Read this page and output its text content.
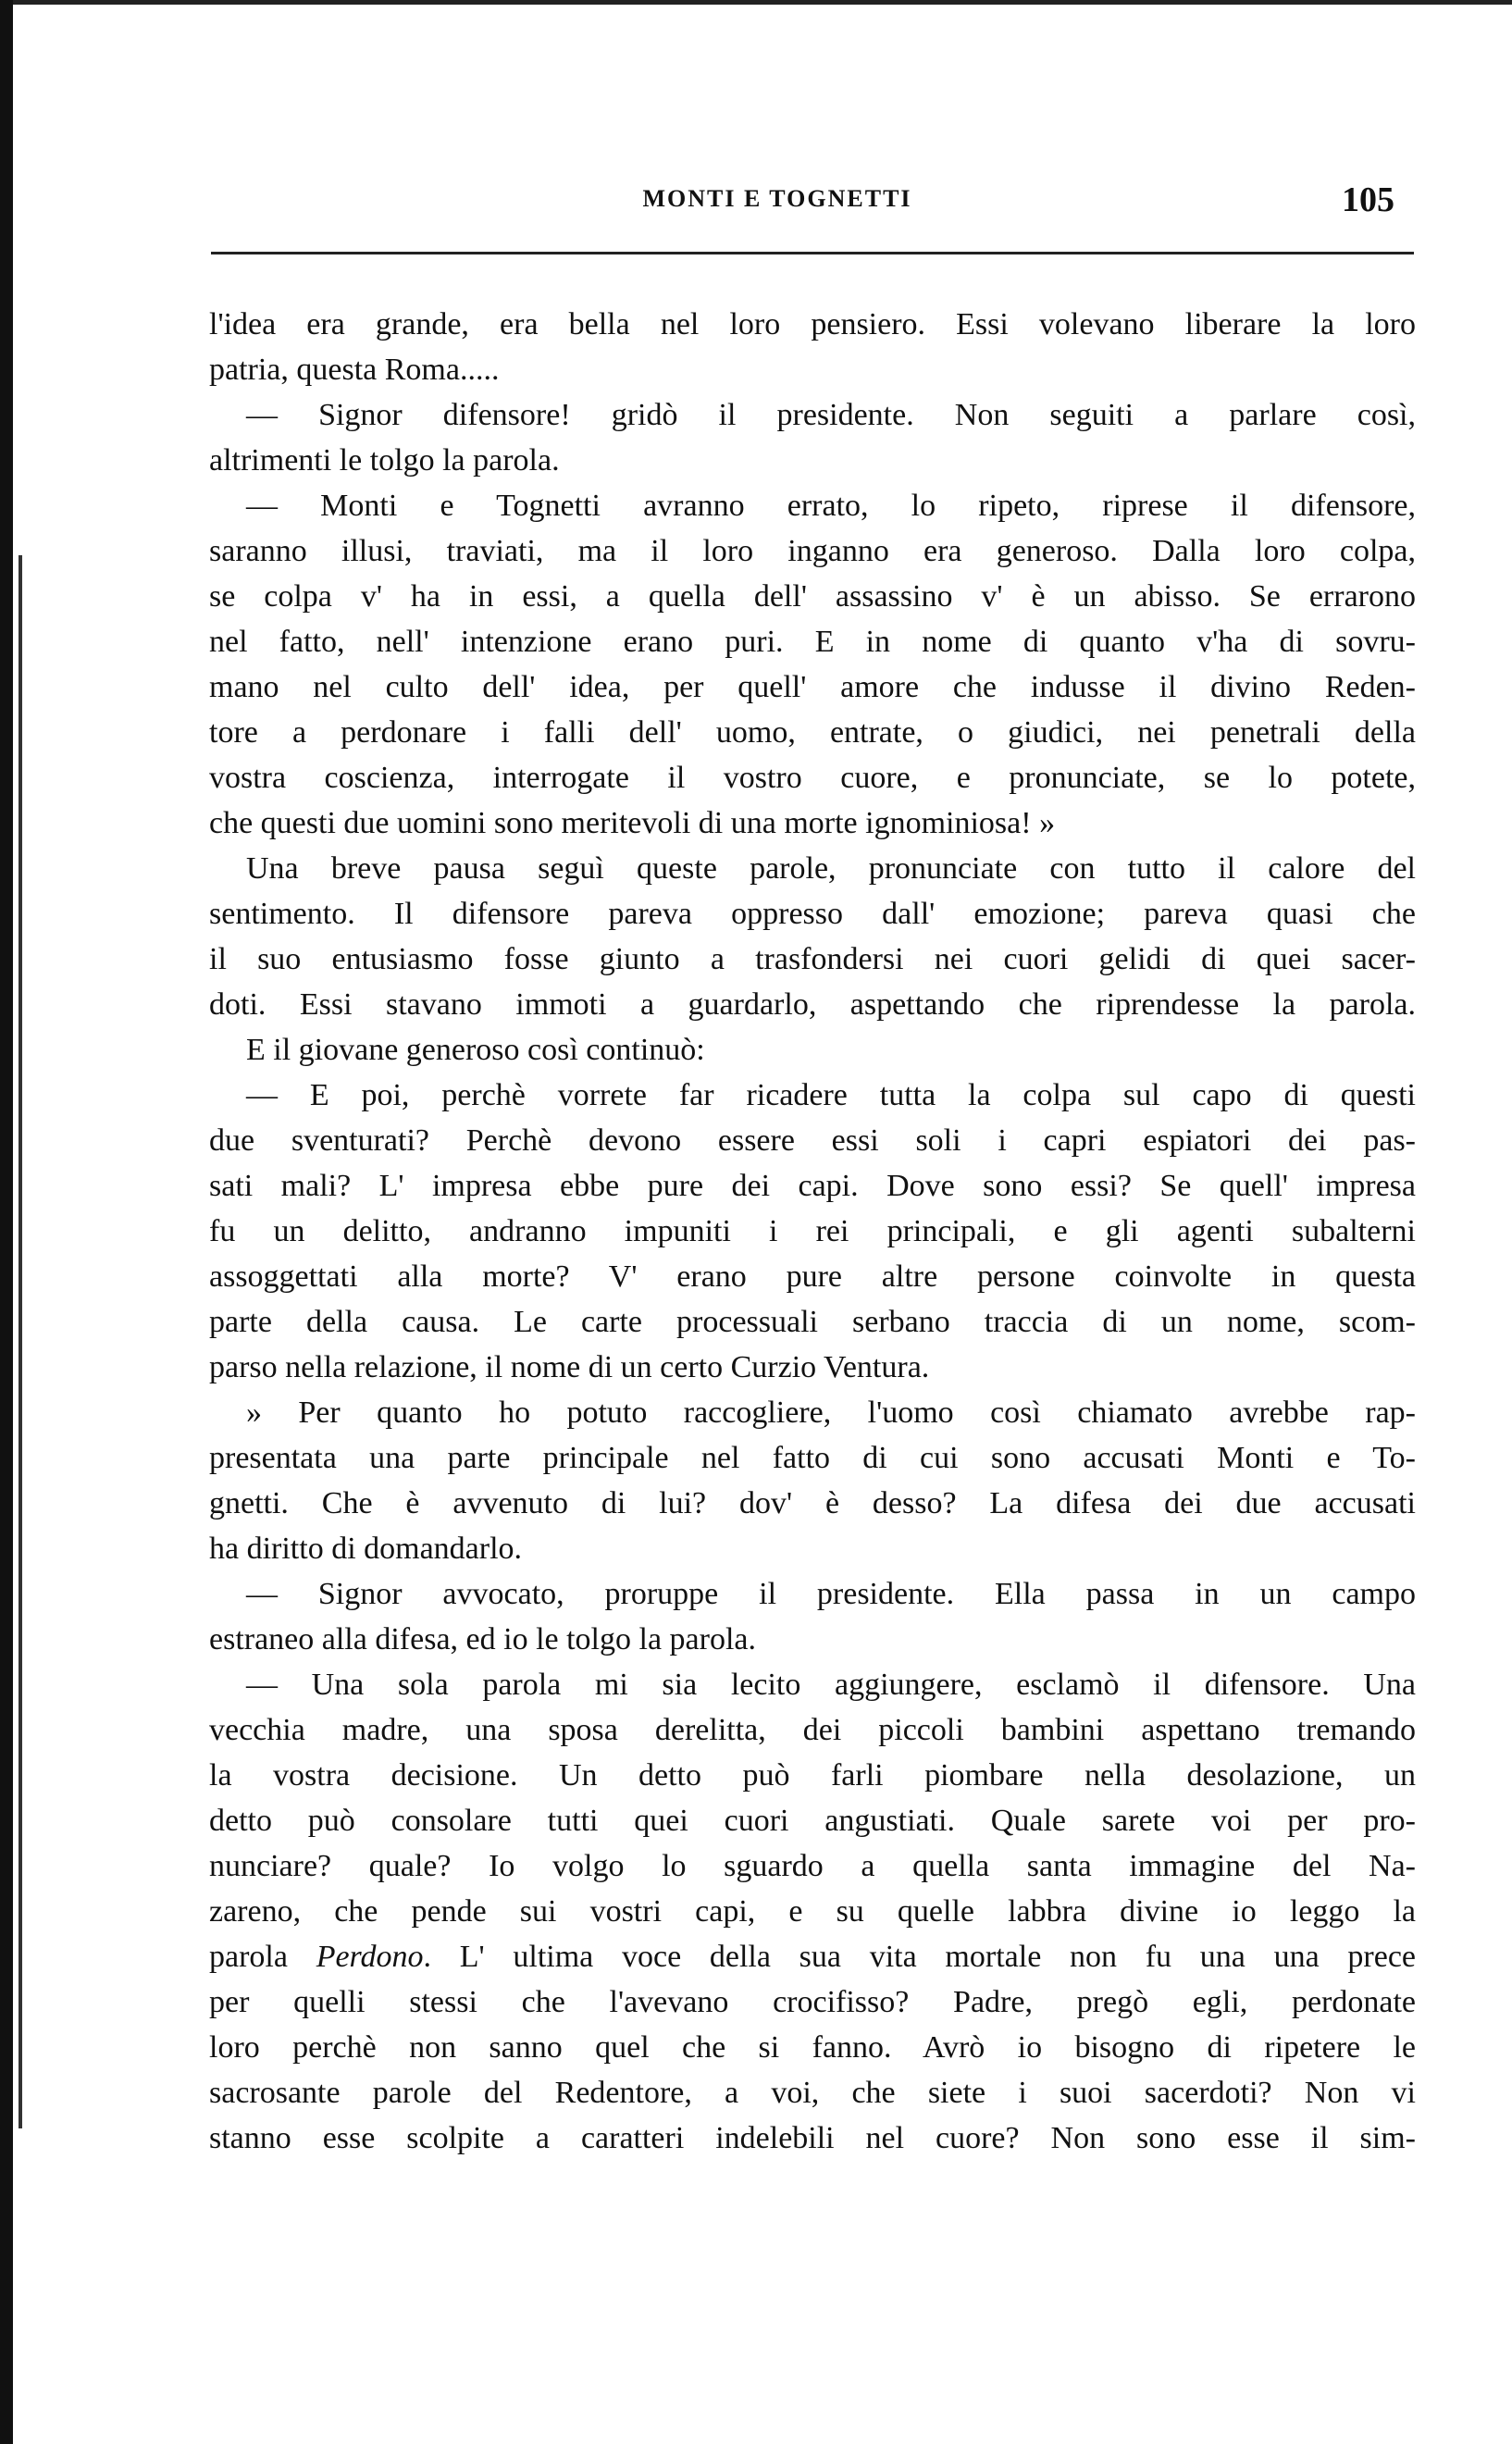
MONTI E TOGNETTI	105
l'idea era grande, era bella nel loro pensiero. Essi volevano liberare la loro
patria, questa Roma.....
— Signor difensore! gridò il presidente. Non seguiti a parlare così,
altrimenti le tolgo la parola.
— Monti e Tognetti avranno errato, lo ripeto, riprese il difensore,
saranno illusi, traviati, ma il loro inganno era generoso. Dalla loro colpa,
se colpa v' ha in essi, a quella dell' assassino v' è un abisso. Se errarono
nel fatto, nell' intenzione erano puri. E in nome di quanto v'ha di sovru-
mano nel culto dell' idea, per quell' amore che indusse il divino Reden-
tore a perdonare i falli dell' uomo, entrate, o giudici, nei penetrali della
vostra coscienza, interrogate il vostro cuore, e pronunciate, se lo potete,
che questi due uomini sono meritevoli di una morte ignominiosa! »
Una breve pausa seguì queste parole, pronunciate con tutto il calore del
sentimento. Il difensore pareva oppresso dall' emozione; pareva quasi che
il suo entusiasmo fosse giunto a trasfondersi nei cuori gelidi di quei sacer-
doti. Essi stavano immoti a guardarlo, aspettando che riprendesse la parola.
E il giovane generoso così continuò:
— E poi, perchè vorrete far ricadere tutta la colpa sul capo di questi
due sventurati? Perchè devono essere essi soli i capri espiatori dei pas-
sati mali? L' impresa ebbe pure dei capi. Dove sono essi? Se quell' impresa
fu un delitto, andranno impuniti i rei principali, e gli agenti subalterni
assoggettati alla morte? V' erano pure altre persone coinvolte in questa
parte della causa. Le carte processuali serbano traccia di un nome, scom-
parso nella relazione, il nome di un certo Curzio Ventura.
» Per quanto ho potuto raccogliere, l'uomo così chiamato avrebbe rap-
presentata una parte principale nel fatto di cui sono accusati Monti e To-
gnetti. Che è avvenuto di lui? dov' è desso? La difesa dei due accusati
ha diritto di domandarlo.
— Signor avvocato, proruppe il presidente. Ella passa in un campo
estraneo alla difesa, ed io le tolgo la parola.
— Una sola parola mi sia lecito aggiungere, esclamò il difensore. Una
vecchia madre, una sposa derelitta, dei piccoli bambini aspettano tremando
la vostra decisione. Un detto può farli piombare nella desolazione, un
detto può consolare tutti quei cuori angustiati. Quale sarete voi per pro-
nunciare? quale? Io volgo lo sguardo a quella santa immagine del Na-
zareno, che pende sui vostri capi, e su quelle labbra divine io leggo la
parola Perdono. L' ultima voce della sua vita mortale non fu una una prece
per quelli stessi che l'avevano crocifisso? Padre, pregò egli, perdonate
loro perchè non sanno quel che si fanno. Avrò io bisogno di ripetere le
sacrosante parole del Redentore, a voi, che siete i suoi sacerdoti? Non vi
stanno esse scolpite a caratteri indelebili nel cuore? Non sono esse il sim-
